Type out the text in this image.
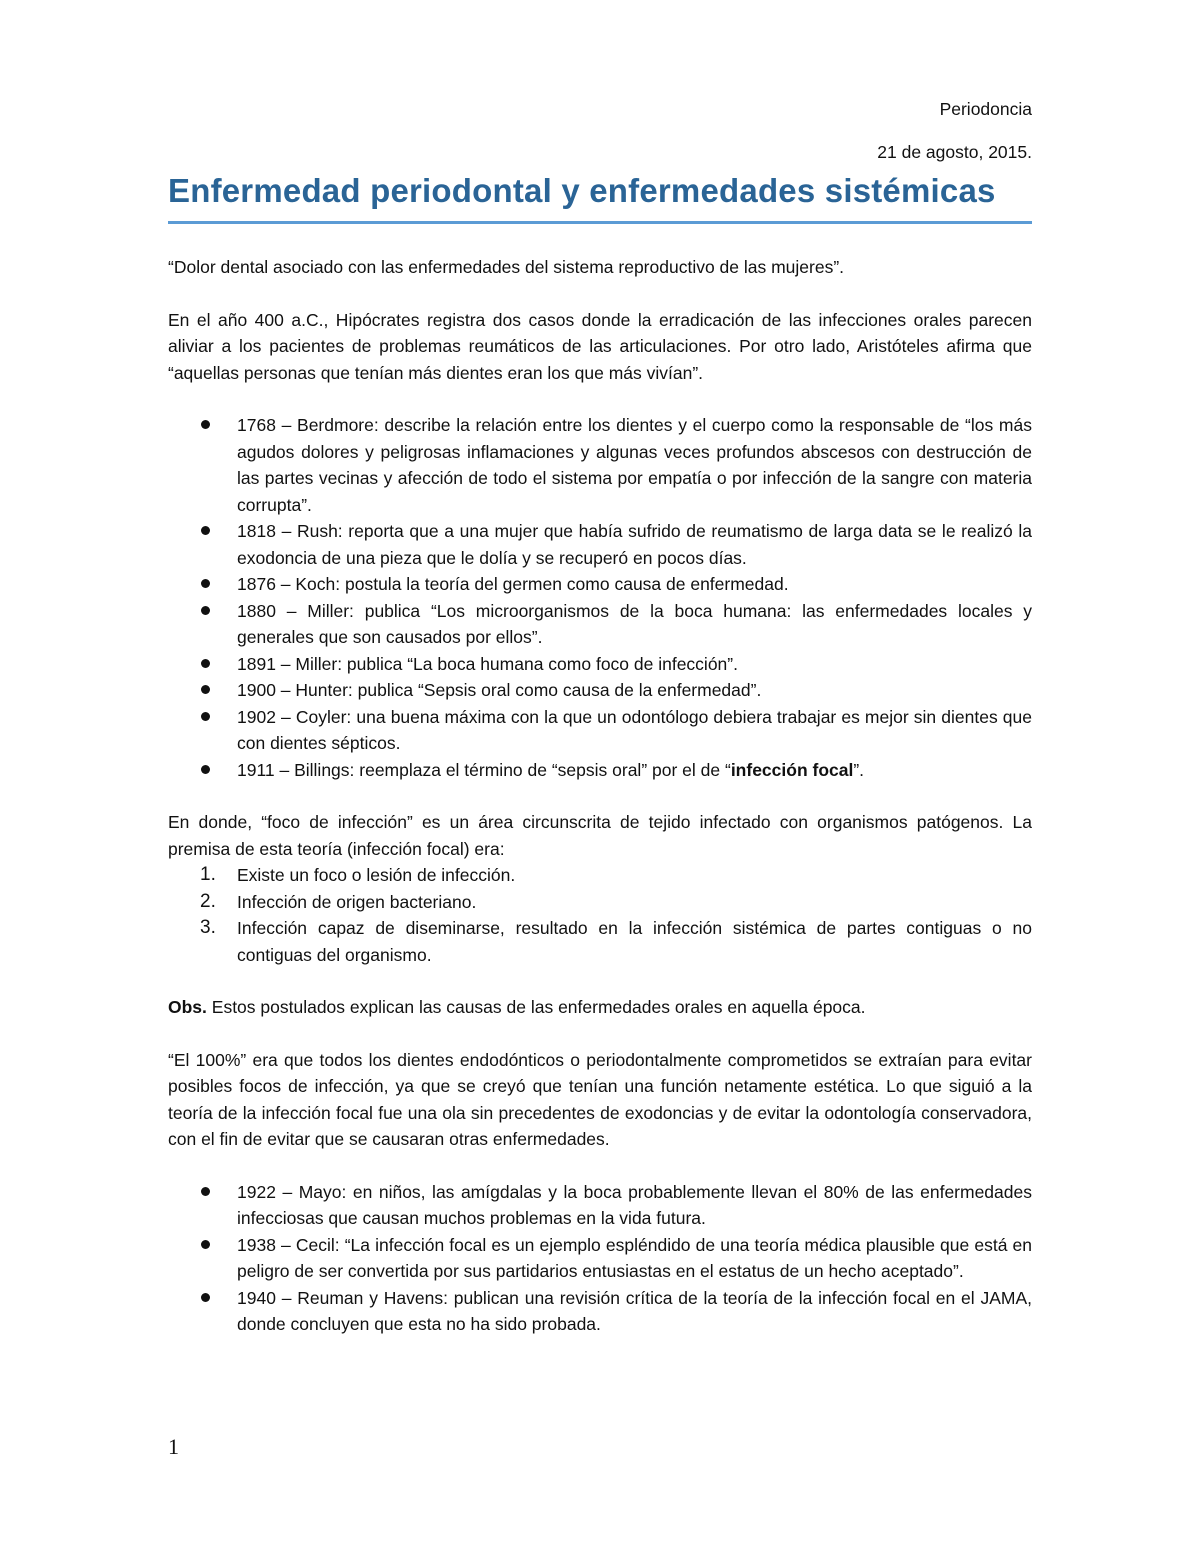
Periodoncia
21 de agosto, 2015.
Enfermedad periodontal y enfermedades sistémicas

“Dolor dental asociado con las enfermedades del sistema reproductivo de las mujeres”.

En el año 400 a.C., Hipócrates registra dos casos donde la erradicación de las infecciones orales parecen aliviar a los pacientes de problemas reumáticos de las articulaciones. Por otro lado, Aristóteles afirma que “aquellas personas que tenían más dientes eran los que más vivían”.

1768 – Berdmore: describe la relación entre los dientes y el cuerpo como la responsable de “los más agudos dolores y peligrosas inflamaciones y algunas veces profundos abscesos con destrucción de las partes vecinas y afección de todo el sistema por empatía o por infección de la sangre con materia corrupta”.
1818 – Rush: reporta que a una mujer que había sufrido de reumatismo de larga data se le realizó la exodoncia de una pieza que le dolía y se recuperó en pocos días.
1876 – Koch: postula la teoría del germen como causa de enfermedad.
1880 – Miller: publica “Los microorganismos de la boca humana: las enfermedades locales y generales que son causados por ellos”.
1891 – Miller: publica “La boca humana como foco de infección”.
1900 – Hunter: publica “Sepsis oral como causa de la enfermedad”.
1902 – Coyler: una buena máxima con la que un odontólogo debiera trabajar es mejor sin dientes que con dientes sépticos.
1911 – Billings: reemplaza el término de “sepsis oral” por el de “infección focal”.

En donde, “foco de infección” es un área circunscrita de tejido infectado con organismos patógenos. La premisa de esta teoría (infección focal) era:

1. Existe un foco o lesión de infección.
2. Infección de origen bacteriano.
3. Infección capaz de diseminarse, resultado en la infección sistémica de partes contiguas o no contiguas del organismo.

Obs. Estos postulados explican las causas de las enfermedades orales en aquella época.

“El 100%” era que todos los dientes endodónticos o periodontalmente comprometidos se extraían para evitar posibles focos de infección, ya que se creyó que tenían una función netamente estética. Lo que siguió a la teoría de la infección focal fue una ola sin precedentes de exodoncias y de evitar la odontología conservadora, con el fin de evitar que se causaran otras enfermedades.

1922 – Mayo: en niños, las amígdalas y la boca probablemente llevan el 80% de las enfermedades infecciosas que causan muchos problemas en la vida futura.
1938 – Cecil: “La infección focal es un ejemplo espléndido de una teoría médica plausible que está en peligro de ser convertida por sus partidarios entusiastas en el estatus de un hecho aceptado”.
1940 – Reuman y Havens: publican una revisión crítica de la teoría de la infección focal en el JAMA, donde concluyen que esta no ha sido probada.
1
